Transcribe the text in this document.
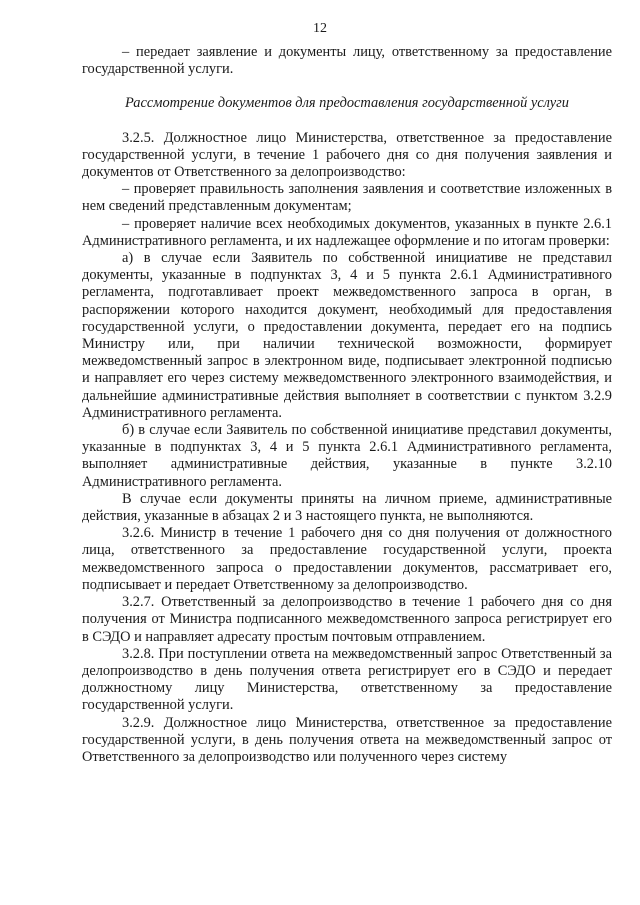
12

– передает заявление и документы лицу, ответственному за предоставление государственной услуги.

Рассмотрение документов для предоставления государственной услуги

3.2.5. Должностное лицо Министерства, ответственное за предоставление государственной услуги, в течение 1 рабочего дня со дня получения заявления и документов от Ответственного за делопроизводство:

– проверяет правильность заполнения заявления и соответствие изложенных в нем сведений представленным документам;

– проверяет наличие всех необходимых документов, указанных в пункте 2.6.1 Административного регламента, и их надлежащее оформление и по итогам проверки:

а) в случае если Заявитель по собственной инициативе не представил документы, указанные в подпунктах 3, 4 и 5 пункта 2.6.1 Административного регламента, подготавливает проект межведомственного запроса в орган, в распоряжении которого находится документ, необходимый для предоставления государственной услуги, о предоставлении документа, передает его на подпись Министру или, при наличии технической возможности, формирует межведомственный запрос в электронном виде, подписывает электронной подписью и направляет его через систему межведомственного электронного взаимодействия, и дальнейшие административные действия выполняет в соответствии с пунктом 3.2.9 Административного регламента.

б) в случае если Заявитель по собственной инициативе представил документы, указанные в подпунктах 3, 4 и 5 пункта 2.6.1 Административного регламента, выполняет административные действия, указанные в пункте 3.2.10 Административного регламента.

В случае если документы приняты на личном приеме, административные действия, указанные в абзацах 2 и 3 настоящего пункта, не выполняются.

3.2.6. Министр в течение 1 рабочего дня со дня получения от должностного лица, ответственного за предоставление государственной услуги, проекта межведомственного запроса о предоставлении документов, рассматривает его, подписывает и передает Ответственному за делопроизводство.

3.2.7. Ответственный за делопроизводство в течение 1 рабочего дня со дня получения от Министра подписанного межведомственного запроса регистрирует его в СЭДО и направляет адресату простым почтовым отправлением.

3.2.8. При поступлении ответа на межведомственный запрос Ответственный за делопроизводство в день получения ответа регистрирует его в СЭДО и передает должностному лицу Министерства, ответственному за предоставление государственной услуги.

3.2.9. Должностное лицо Министерства, ответственное за предоставление государственной услуги, в день получения ответа на межведомственный запрос от Ответственного за делопроизводство или полученного через систему
